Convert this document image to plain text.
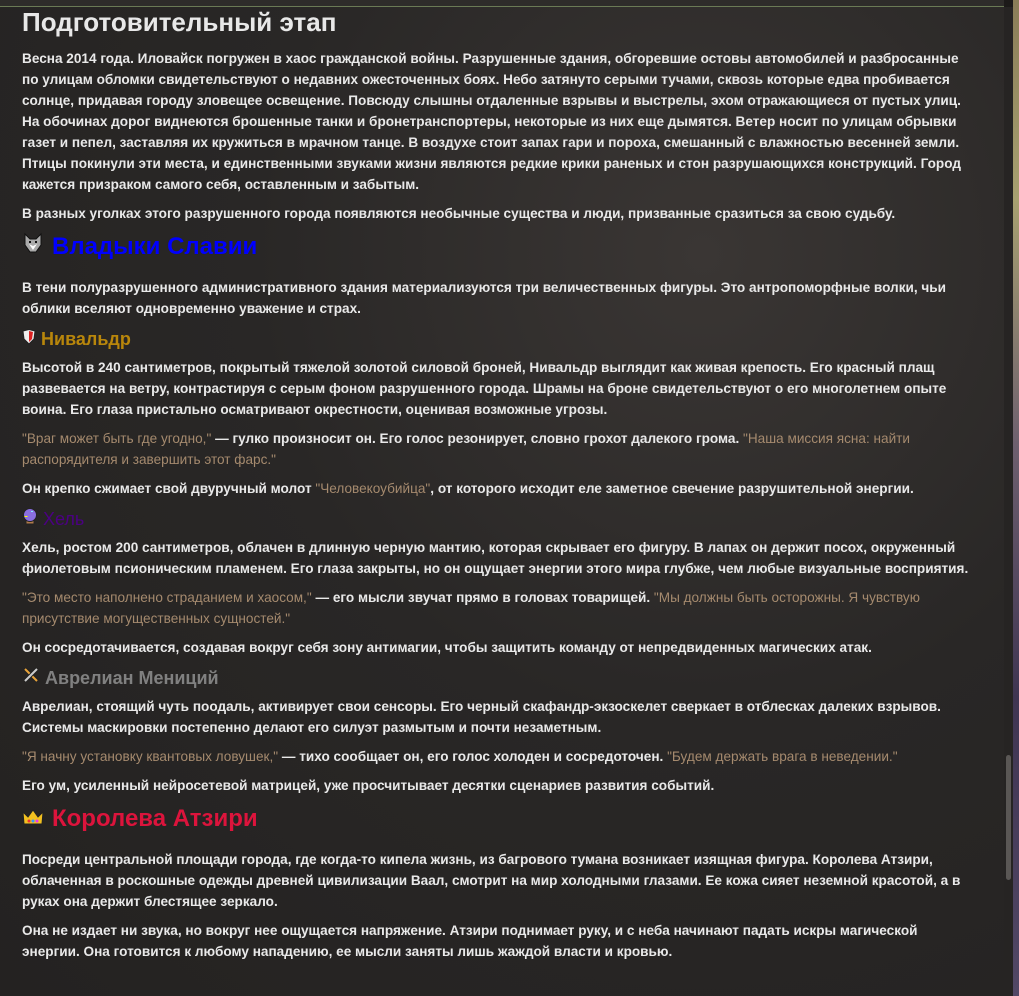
Подготовительный этап

Весна 2014 года. Иловайск погружен в хаос гражданской войны. Разрушенные здания, обгоревшие остовы автомобилей и разбросанные по улицам обломки свидетельствуют о недавних ожесточенных боях. Небо затянуто серыми тучами, сквозь которые едва пробивается солнце, придавая городу зловещее освещение. Повсюду слышны отдаленные взрывы и выстрелы, эхом отражающиеся от пустых улиц. На обочинах дорог виднеются брошенные танки и бронетранспортеры, некоторые из них еще дымятся. Ветер носит по улицам обрывки газет и пепел, заставляя их кружиться в мрачном танце. В воздухе стоит запах гари и пороха, смешанный с влажностью весенней земли. Птицы покинули эти места, и единственными звуками жизни являются редкие крики раненых и стон разрушающихся конструкций. Город кажется призраком самого себя, оставленным и забытым.

В разных уголках этого разрушенного города появляются необычные существа и люди, призванные сразиться за свою судьбу.

Владыки Славии

В тени полуразрушенного административного здания материализуются три величественных фигуры. Это антропоморфные волки, чьи облики вселяют одновременно уважение и страх.

Нивальдр

Высотой в 240 сантиметров, покрытый тяжелой золотой силовой броней, Нивальдр выглядит как живая крепость. Его красный плащ развевается на ветру, контрастируя с серым фоном разрушенного города. Шрамы на броне свидетельствуют о его многолетнем опыте воина. Его глаза пристально осматривают окрестности, оценивая возможные угрозы.

"Враг может быть где угодно," — гулко произносит он. Его голос резонирует, словно грохот далекого грома. "Наша миссия ясна: найти распорядителя и завершить этот фарс."

Он крепко сжимает свой двуручный молот "Человекоубийца", от которого исходит еле заметное свечение разрушительной энергии.

Хель

Хель, ростом 200 сантиметров, облачен в длинную черную мантию, которая скрывает его фигуру. В лапах он держит посох, окруженный фиолетовым псионическим пламенем. Его глаза закрыты, но он ощущает энергии этого мира глубже, чем любые визуальные восприятия.

"Это место наполнено страданием и хаосом," — его мысли звучат прямо в головах товарищей. "Мы должны быть осторожны. Я чувствую присутствие могущественных сущностей."

Он сосредотачивается, создавая вокруг себя зону антимагии, чтобы защитить команду от непредвиденных магических атак.

Аврелиан Мениций

Аврелиан, стоящий чуть поодаль, активирует свои сенсоры. Его черный скафандр-экзоскелет сверкает в отблесках далеких взрывов. Системы маскировки постепенно делают его силуэт размытым и почти незаметным.

"Я начну установку квантовых ловушек," — тихо сообщает он, его голос холоден и сосредоточен. "Будем держать врага в неведении."

Его ум, усиленный нейросетевой матрицей, уже просчитывает десятки сценариев развития событий.

Королева Атзири

Посреди центральной площади города, где когда-то кипела жизнь, из багрового тумана возникает изящная фигура. Королева Атзири, облаченная в роскошные одежды древней цивилизации Ваал, смотрит на мир холодными глазами. Ее кожа сияет неземной красотой, а в руках она держит блестящее зеркало.

Она не издает ни звука, но вокруг нее ощущается напряжение. Атзири поднимает руку, и с неба начинают падать искры магической энергии. Она готовится к любому нападению, ее мысли заняты лишь жаждой власти и кровью.
